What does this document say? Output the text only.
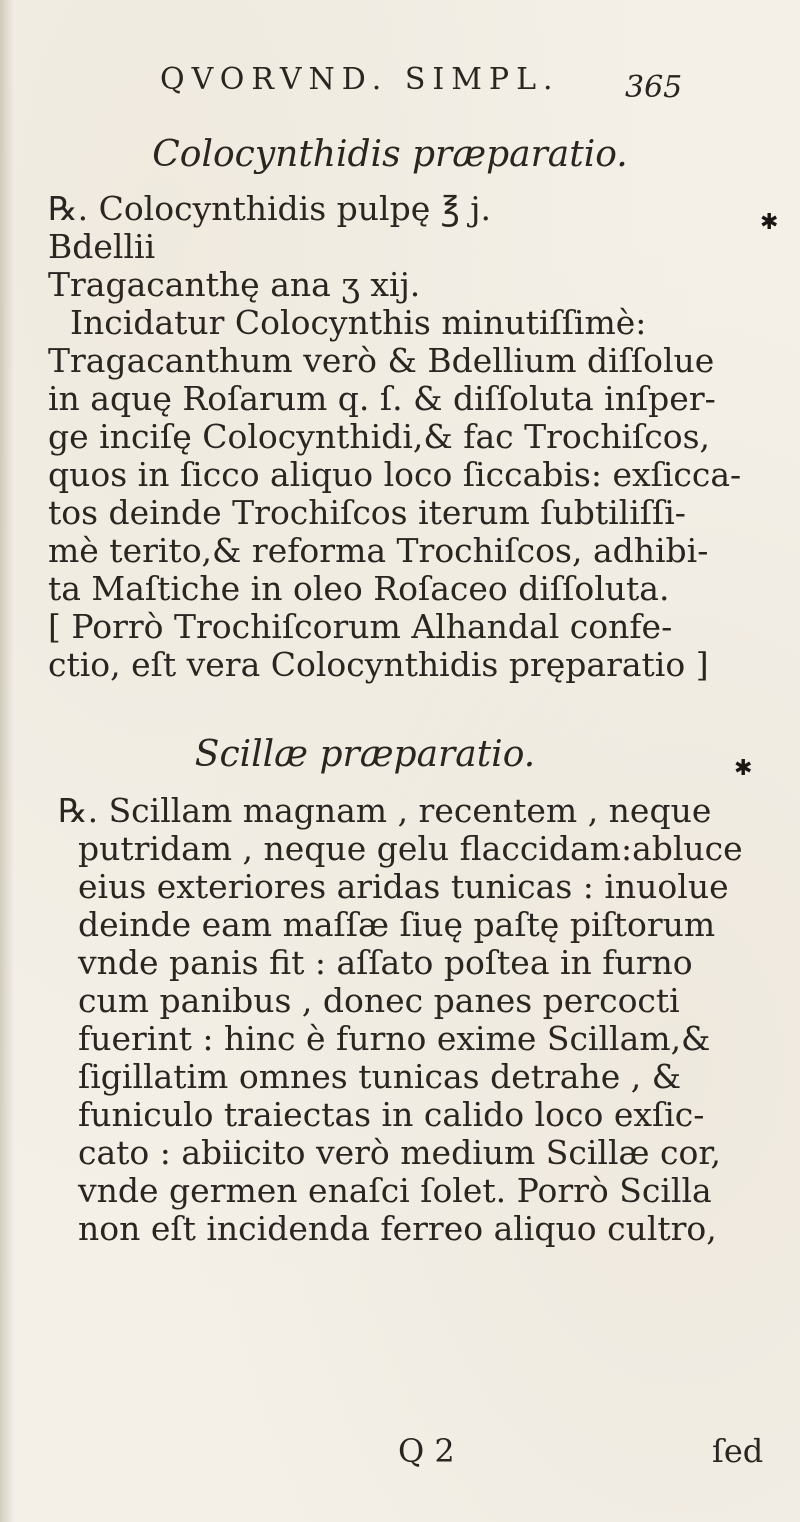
QVORVND. SIMPL.	365
Colocynthidis præparatio.
℞. Colocynthidis pulpę ℥ j.
Bdellii
Tragacanthę ana ʒ xij.
Incidatur Colocynthis minutiſſimè:
Tragacanthum verò & Bdellium diſſolue
in aquę Roſarum q. ſ. & diſſoluta inſper-
ge inciſę Colocynthidi,& fac Trochiſcos,
quos in ſicco aliquo loco ſiccabis: exſicca-
tos deinde Trochiſcos iterum ſubtiliſſi-
mè terito,& reforma Trochiſcos, adhibi-
ta Maſtiche in oleo Roſaceo diſſoluta.
[ Porrò Trochiſcorum Alhandal confe-
ctio, eſt vera Colocynthidis pręparatio ]
Scillæ præparatio.
℞. Scillam magnam , recentem , neque
putridam , neque gelu flaccidam:abluce
eius exteriores aridas tunicas : inuolue
deinde eam maſſæ ſiuę paſtę piſtorum
vnde panis fit : aſſato poſtea in furno
cum panibus , donec panes percocti
fuerint : hinc è furno exime Scillam,&
ſigillatim omnes tunicas detrahe , &
funiculo traiectas in calido loco exſic-
cato : abiicito verò medium Scillæ cor,
vnde germen enaſci ſolet. Porrò Scilla
non eſt incidenda ferreo aliquo cultro,
✱
✱
Q 2	ſed
